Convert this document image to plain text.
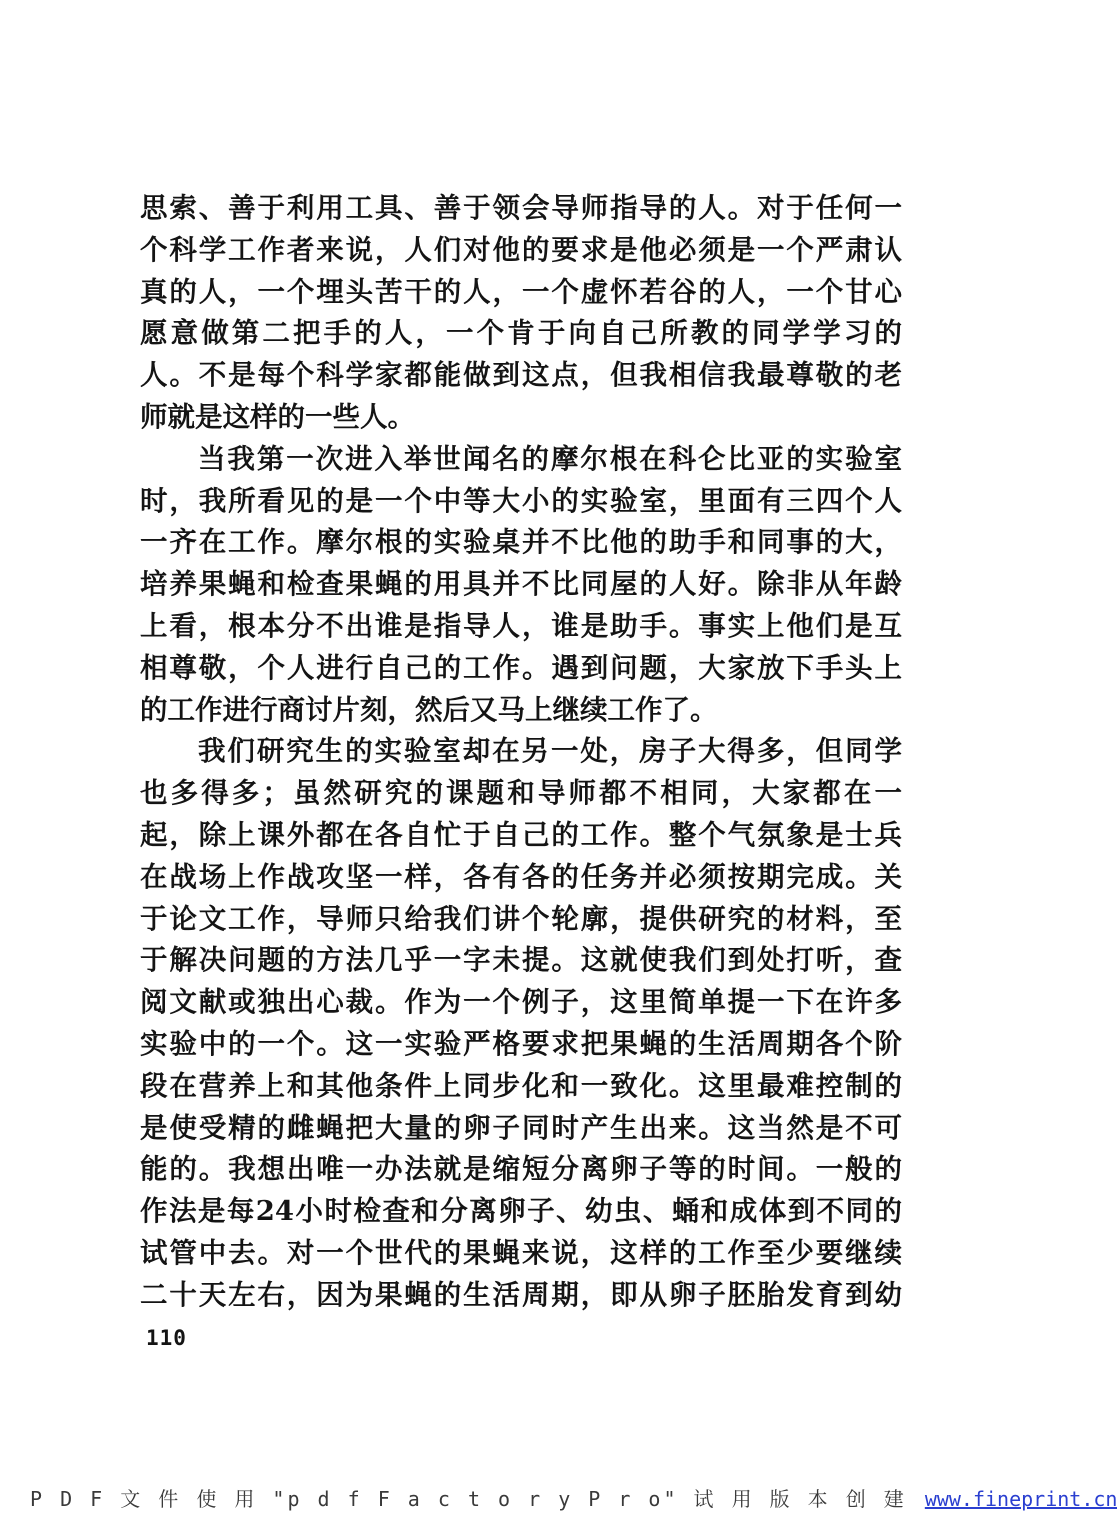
思索、善于利用工具、善于领会导师指导的人。对于任何一
个科学工作者来说，人们对他的要求是他必须是一个严肃认
真的人，一个埋头苦干的人，一个虚怀若谷的人，一个甘心
愿意做第二把手的人，一个肯于向自己所教的同学学习的
人。不是每个科学家都能做到这点，但我相信我最尊敬的老
师就是这样的一些人。
当我第一次进入举世闻名的摩尔根在科仑比亚的实验室
时，我所看见的是一个中等大小的实验室，里面有三四个人
一齐在工作。摩尔根的实验桌并不比他的助手和同事的大，
培养果蝇和检查果蝇的用具并不比同屋的人好。除非从年龄
上看，根本分不出谁是指导人，谁是助手。事实上他们是互
相尊敬，个人进行自己的工作。遇到问题，大家放下手头上
的工作进行商讨片刻，然后又马上继续工作了。
我们研究生的实验室却在另一处，房子大得多，但同学
也多得多；虽然研究的课题和导师都不相同，大家都在一
起，除上课外都在各自忙于自己的工作。整个气氛象是士兵
在战场上作战攻坚一样，各有各的任务并必须按期完成。关
于论文工作，导师只给我们讲个轮廓，提供研究的材料，至
于解决问题的方法几乎一字未提。这就使我们到处打听，查
阅文献或独出心裁。作为一个例子，这里简单提一下在许多
实验中的一个。这一实验严格要求把果蝇的生活周期各个阶
段在营养上和其他条件上同步化和一致化。这里最难控制的
是使受精的雌蝇把大量的卵子同时产生出来。这当然是不可
能的。我想出唯一办法就是缩短分离卵子等的时间。一般的
作法是每24小时检查和分离卵子、幼虫、蛹和成体到不同的
试管中去。对一个世代的果蝇来说，这样的工作至少要继续
二十天左右，因为果蝇的生活周期，即从卵子胚胎发育到幼
110
P D F 文 件 使 用 "p d f F a c t o r y P r o" 试 用 版 本 创 建 www.fineprint.cn
